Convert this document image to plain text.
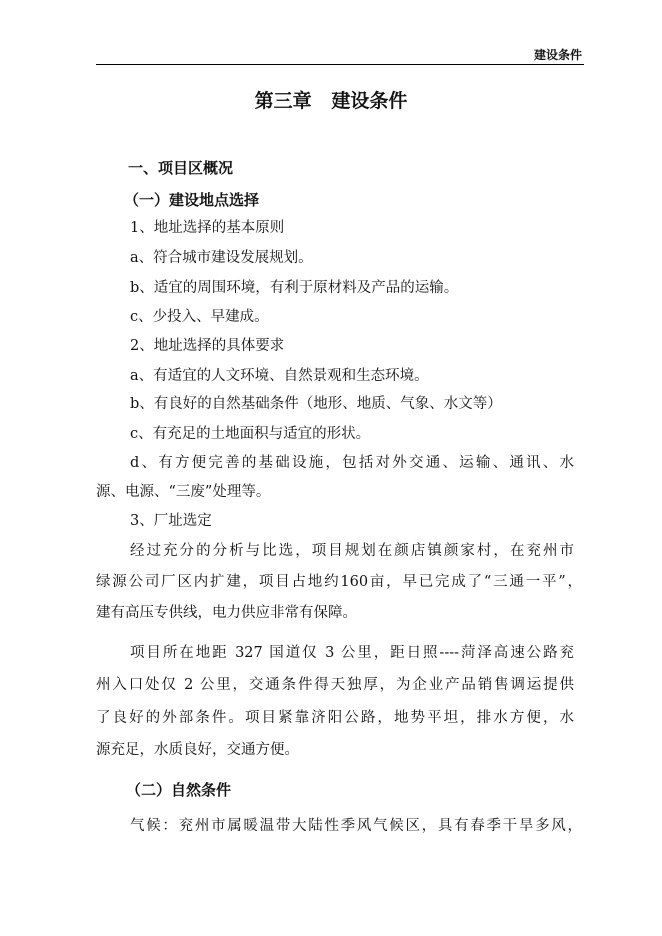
建设条件
第三章   建设条件

一、项目区概况

（一）建设地点选择

1、地址选择的基本原则

a、符合城市建设发展规划。

b、适宜的周围环境，有利于原材料及产品的运输。

c、少投入、早建成。

2、地址选择的具体要求

a、有适宜的人文环境、自然景观和生态环境。

b、有良好的自然基础条件（地形、地质、气象、水文等）

c、有充足的土地面积与适宜的形状。

d、有方便完善的基础设施，包括对外交通、运输、通讯、水

源、电源、“三废”处理等。

3、厂址选定

经过充分的分析与比选，项目规划在颜店镇颜家村，在兖州市

绿源公司厂区内扩建，项目占地约160亩，早已完成了“三通一平”，

建有高压专供线，电力供应非常有保障。

项目所在地距 327 国道仅 3 公里，距日照----菏泽高速公路兖

州入口处仅 2 公里，交通条件得天独厚，为企业产品销售调运提供

了良好的外部条件。项目紧靠济阳公路，地势平坦，排水方便，水

源充足，水质良好，交通方便。

（二）自然条件

气候：兖州市属暖温带大陆性季风气候区，具有春季干旱多风，
